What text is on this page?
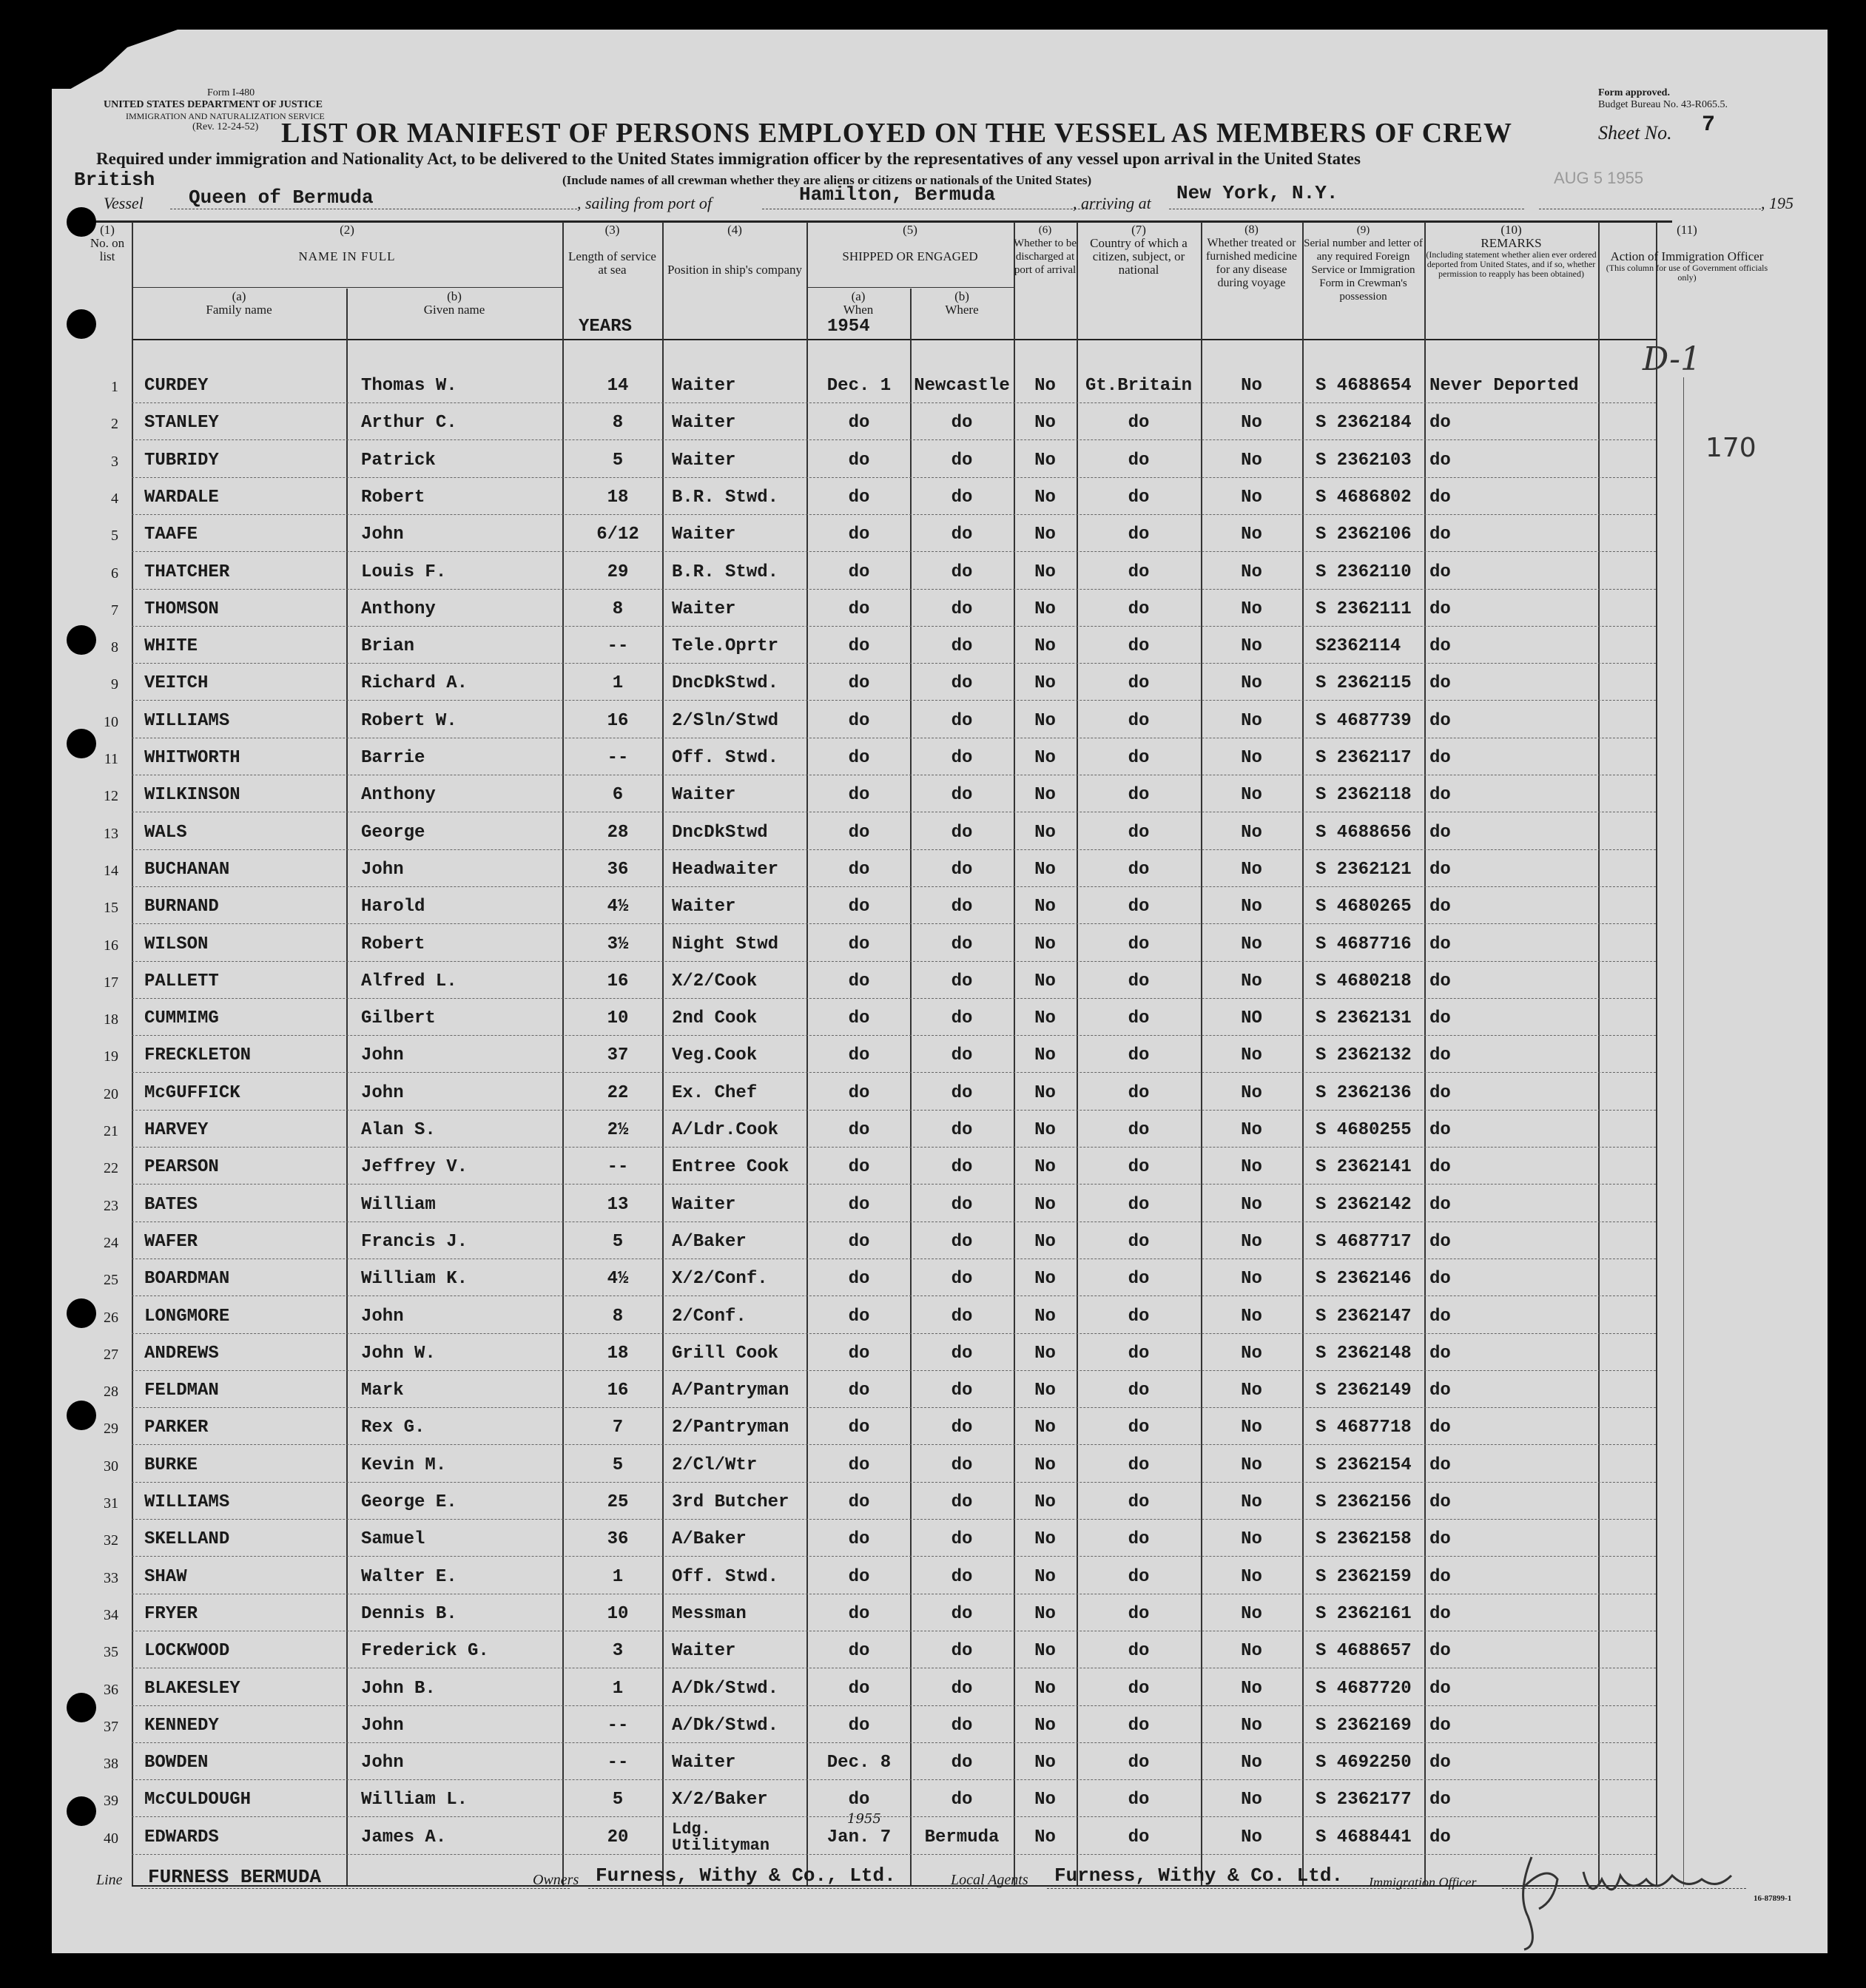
Form I-480
UNITED STATES DEPARTMENT OF JUSTICE
IMMIGRATION AND NATURALIZATION SERVICE
(Rev. 12-24-52)
Form approved.
Budget Bureau No. 43-R065.5.
LIST OR MANIFEST OF PERSONS EMPLOYED ON THE VESSEL AS MEMBERS OF CREW	Sheet No. 7
Required under immigration and Nationality Act, to be delivered to the United States immigration officer by the representatives of any vessel upon arrival in the United States
(Include names of all crewman whether they are aliens or citizens or nationals of the United States)
British
Vessel Queen of Bermuda	, sailing from port of	Hamilton, Bermuda	, arriving at New York, N.Y.
AUG 5 1955
, 195
(1)
No. on list
(2)

NAME IN FULL
(a)
Family name
(b)
Given name
(3)

Length of service at sea
YEARS
(4)

Position in ship's company
(5)

SHIPPED OR ENGAGED
(a)
When
1954
(b)
Where
(6)
Whether to be discharged at port of arrival
(7)
Country of which a citizen, subject, or national
(8)
Whether treated or furnished medicine for any disease during voyage
(9)
Serial number and letter of any required Foreign Service or Immigration Form in Crewman's possession
(10)
REMARKS

(Including statement whether alien ever ordered deported from United States, and if so, whether permission to reapply has been obtained)
(11)

Action of Immigration Officer

(This column for use of Government officials only)
1 CURDEY	Thomas W.	14	Waiter	Dec. 1	Newcastle	No	Gt.Britain	No	S 4688654 Never Deported
2 STANLEY	Arthur C.	8	Waiter	do	do	No	do	No	S 2362184 do
3 TUBRIDY	Patrick	5	Waiter	do	do	No	do	No	S 2362103 do
4 WARDALE	Robert	18	B.R. Stwd.	do	do	No	do	No	S 4686802 do
5 TAAFE	John	6/12	Waiter	do	do	No	do	No	S 2362106 do
6 THATCHER	Louis F.	29	B.R. Stwd.	do	do	No	do	No	S 2362110 do
7 THOMSON	Anthony	8	Waiter	do	do	No	do	No	S 2362111 do
8 WHITE	Brian	--	Tele.Oprtr	do	do	No	do	No	S2362114 do
9 VEITCH	Richard A.	1	DncDkStwd.	do	do	No	do	No	S 2362115 do
10 WILLIAMS	Robert W.	16	2/Sln/Stwd	do	do	No	do	No	S 4687739 do
11 WHITWORTH	Barrie	--	Off. Stwd.	do	do	No	do	No	S 2362117 do
12 WILKINSON	Anthony	6	Waiter	do	do	No	do	No	S 2362118 do
13 WALS	George	28	DncDkStwd	do	do	No	do	No	S 4688656 do
14 BUCHANAN	John	36	Headwaiter	do	do	No	do	No	S 2362121 do
15 BURNAND	Harold	4½	Waiter	do	do	No	do	No	S 4680265 do
16 WILSON	Robert	3½	Night Stwd	do	do	No	do	No	S 4687716 do
17 PALLETT	Alfred L.	16	X/2/Cook	do	do	No	do	No	S 4680218 do
18 CUMMIMG	Gilbert	10	2nd Cook	do	do	No	do	NO	S 2362131 do
19 FRECKLETON	John	37	Veg.Cook	do	do	No	do	No	S 2362132 do
20 McGUFFICK	John	22	Ex. Chef	do	do	No	do	No	S 2362136 do
21 HARVEY	Alan S.	2½	A/Ldr.Cook	do	do	No	do	No	S 4680255 do
22 PEARSON	Jeffrey V.	--	Entree Cook	do	do	No	do	No	S 2362141 do
23 BATES	William	13	Waiter	do	do	No	do	No	S 2362142 do
24 WAFER	Francis J.	5	A/Baker	do	do	No	do	No	S 4687717 do
25 BOARDMAN	William K.	4½	X/2/Conf.	do	do	No	do	No	S 2362146 do
26 LONGMORE	John	8	2/Conf.	do	do	No	do	No	S 2362147 do
27 ANDREWS	John W.	18	Grill Cook	do	do	No	do	No	S 2362148 do
28 FELDMAN	Mark	16	A/Pantryman	do	do	No	do	No	S 2362149 do
29 PARKER	Rex G.	7	2/Pantryman	do	do	No	do	No	S 4687718 do
30 BURKE	Kevin M.	5	2/Cl/Wtr	do	do	No	do	No	S 2362154 do
31 WILLIAMS	George E.	25	3rd Butcher	do	do	No	do	No	S 2362156 do
32 SKELLAND	Samuel	36	A/Baker	do	do	No	do	No	S 2362158 do
33 SHAW	Walter E.	1	Off. Stwd.	do	do	No	do	No	S 2362159 do
34 FRYER	Dennis B.	10	Messman	do	do	No	do	No	S 2362161 do
35 LOCKWOOD	Frederick G.	3	Waiter	do	do	No	do	No	S 4688657 do
36 BLAKESLEY	John B.	1	A/Dk/Stwd.	do	do	No	do	No	S 4687720 do
37 KENNEDY	John	--	A/Dk/Stwd.	do	do	No	do	No	S 2362169 do
38 BOWDEN	John	--	Waiter	Dec. 8	do	No	do	No	S 4692250 do
39 McCULDOUGH	William L.	5	X/2/Baker	do	do	No	do	No	S 2362177 do
40 EDWARDS	James A.	20	Ldg. Utilityman	Jan. 7	Bermuda	No	do	No	S 4688441 do
1955
D-1
170
Line FURNESS BERMUDA	Owners Furness, Withy & Co., Ltd.	Local Agents Furness, Withy & Co. Ltd. Immigration Officer
16-87899-1
